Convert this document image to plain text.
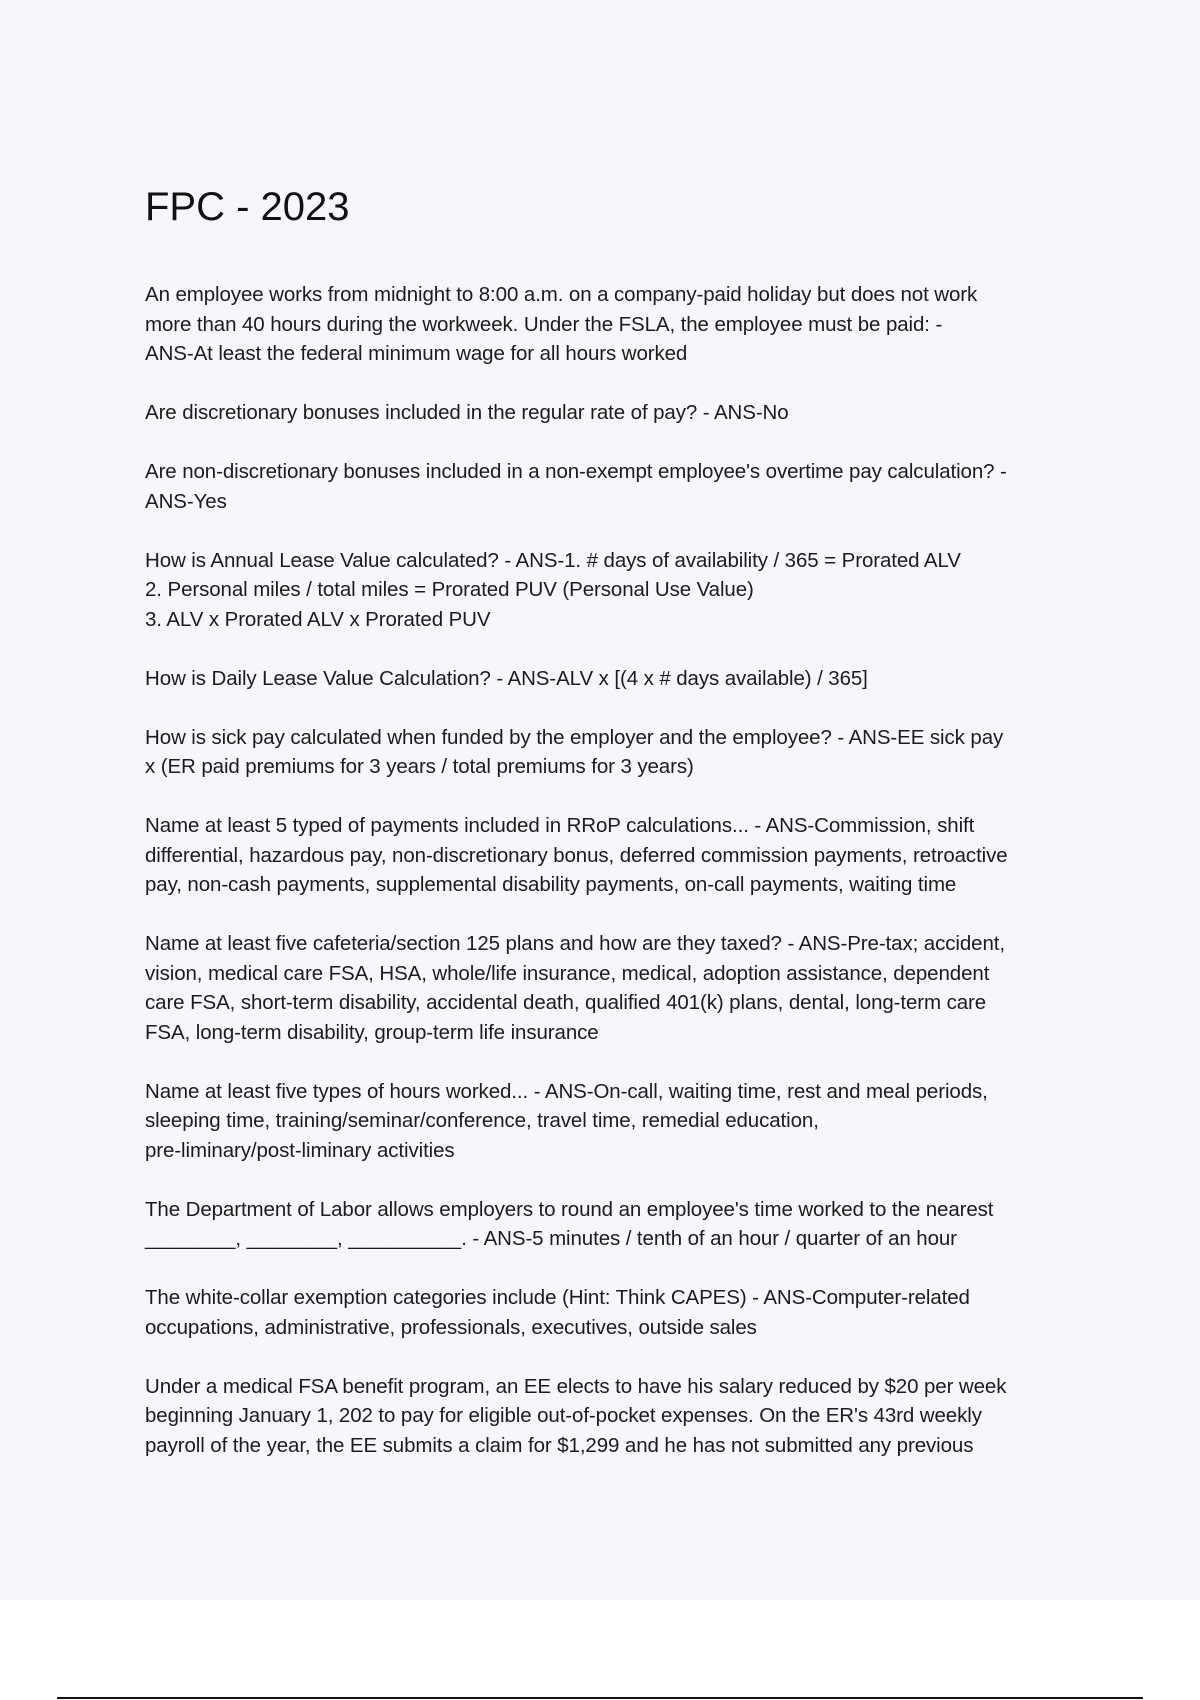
FPC - 2023
An employee works from midnight to 8:00 a.m. on a company-paid holiday but does not work
more than 40 hours during the workweek. Under the FSLA, the employee must be paid: -
ANS-At least the federal minimum wage for all hours worked
Are discretionary bonuses included in the regular rate of pay? - ANS-No
Are non-discretionary bonuses included in a non-exempt employee's overtime pay calculation? -
ANS-Yes
How is Annual Lease Value calculated? - ANS-1. # days of availability / 365 = Prorated ALV
2. Personal miles / total miles = Prorated PUV (Personal Use Value)
3. ALV x Prorated ALV x Prorated PUV
How is Daily Lease Value Calculation? - ANS-ALV x [(4 x # days available) / 365]
How is sick pay calculated when funded by the employer and the employee? - ANS-EE sick pay
x (ER paid premiums for 3 years / total premiums for 3 years)
Name at least 5 typed of payments included in RRoP calculations... - ANS-Commission, shift
differential, hazardous pay, non-discretionary bonus, deferred commission payments, retroactive
pay, non-cash payments, supplemental disability payments, on-call payments, waiting time
Name at least five cafeteria/section 125 plans and how are they taxed? - ANS-Pre-tax; accident,
vision, medical care FSA, HSA, whole/life insurance, medical, adoption assistance, dependent
care FSA, short-term disability, accidental death, qualified 401(k) plans, dental, long-term care
FSA, long-term disability, group-term life insurance
Name at least five types of hours worked... - ANS-On-call, waiting time, rest and meal periods,
sleeping time, training/seminar/conference, travel time, remedial education,
pre-liminary/post-liminary activities
The Department of Labor allows employers to round an employee's time worked to the nearest
________, ________, __________. - ANS-5 minutes / tenth of an hour / quarter of an hour
The white-collar exemption categories include (Hint: Think CAPES) - ANS-Computer-related
occupations, administrative, professionals, executives, outside sales
Under a medical FSA benefit program, an EE elects to have his salary reduced by $20 per week
beginning January 1, 202 to pay for eligible out-of-pocket expenses. On the ER's 43rd weekly
payroll of the year, the EE submits a claim for $1,299 and he has not submitted any previous
